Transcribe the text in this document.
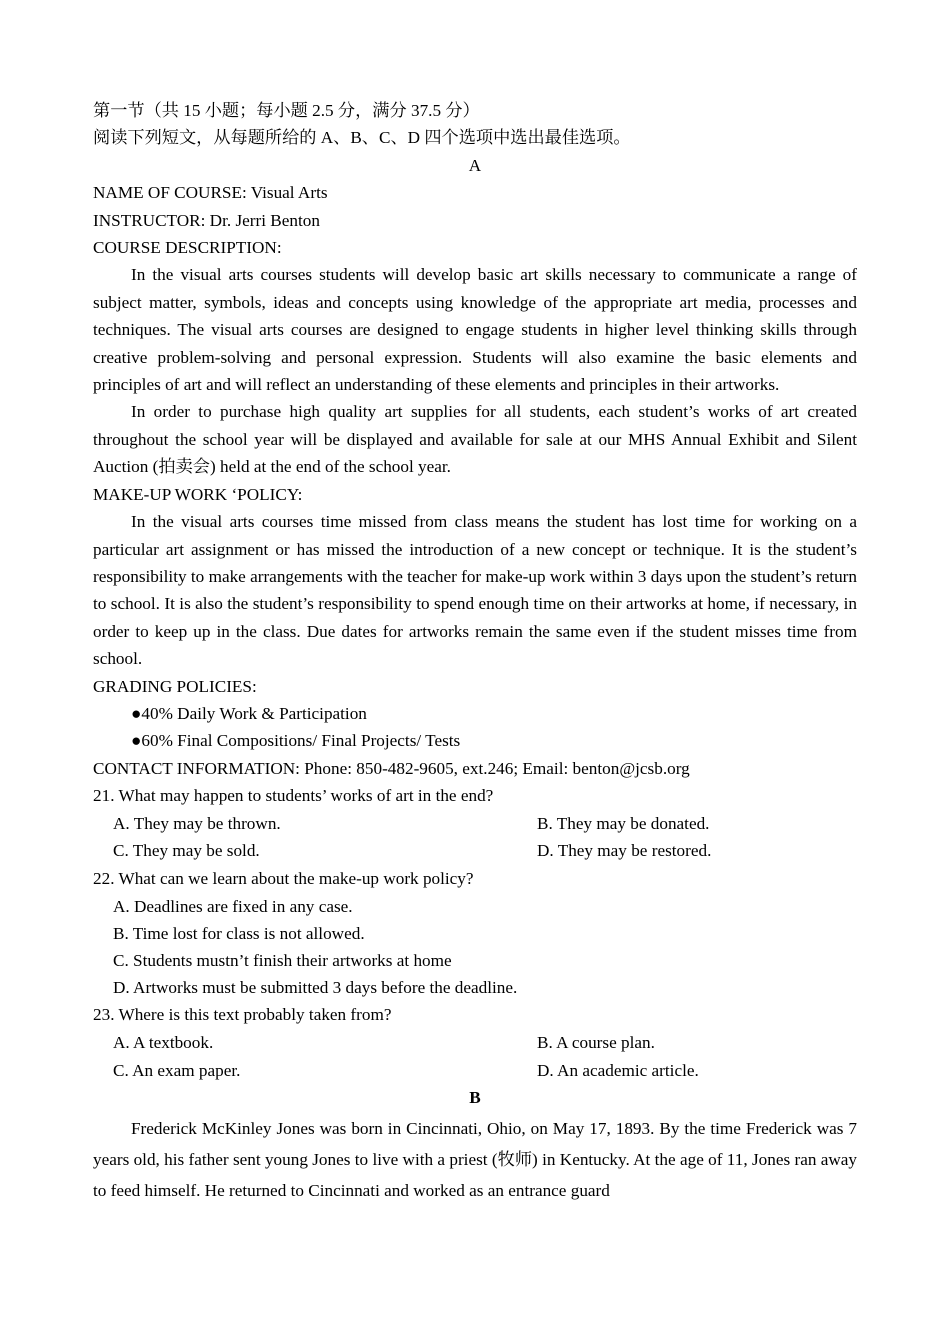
第一节（共 15 小题；每小题 2.5 分，满分 37.5 分）
阅读下列短文，从每题所给的 A、B、C、D 四个选项中选出最佳选项。
A
NAME OF COURSE: Visual Arts
INSTRUCTOR: Dr. Jerri Benton
COURSE DESCRIPTION:
In the visual arts courses students will develop basic art skills necessary to communicate a range of subject matter, symbols, ideas and concepts using knowledge of the appropriate art media, processes and techniques. The visual arts courses are designed to engage students in higher level thinking skills through creative problem-solving and personal expression. Students will also examine the basic elements and principles of art and will reflect an understanding of these elements and principles in their artworks.
In order to purchase high quality art supplies for all students, each student’s works of art created throughout the school year will be displayed and available for sale at our MHS Annual Exhibit and Silent Auction (拍卖会) held at the end of the school year.
MAKE-UP WORK ‘POLICY:
In the visual arts courses time missed from class means the student has lost time for working on a particular art assignment or has missed the introduction of a new concept or technique. It is the student’s responsibility to make arrangements with the teacher for make-up work within 3 days upon the student’s return to school. It is also the student’s responsibility to spend enough time on their artworks at home, if necessary, in order to keep up in the class. Due dates for artworks remain the same even if the student misses time from school.
GRADING POLICIES:
●40% Daily Work & Participation
●60% Final Compositions/ Final Projects/ Tests
CONTACT INFORMATION: Phone: 850-482-9605, ext.246; Email: benton@jcsb.org
21. What may happen to students’ works of art in the end?
A. They may be thrown.	B. They may be donated.
C. They may be sold.	D. They may be restored.
22. What can we learn about the make-up work policy?
A. Deadlines are fixed in any case.
B. Time lost for class is not allowed.
C. Students mustn’t finish their artworks at home
D. Artworks must be submitted 3 days before the deadline.
23. Where is this text probably taken from?
A. A textbook.	B. A course plan.
C. An exam paper.	D. An academic article.
B
Frederick McKinley Jones was born in Cincinnati, Ohio, on May 17, 1893. By the time Frederick was 7 years old, his father sent young Jones to live with a priest (牧师) in Kentucky. At the age of 11, Jones ran away to feed himself. He returned to Cincinnati and worked as an entrance guard
